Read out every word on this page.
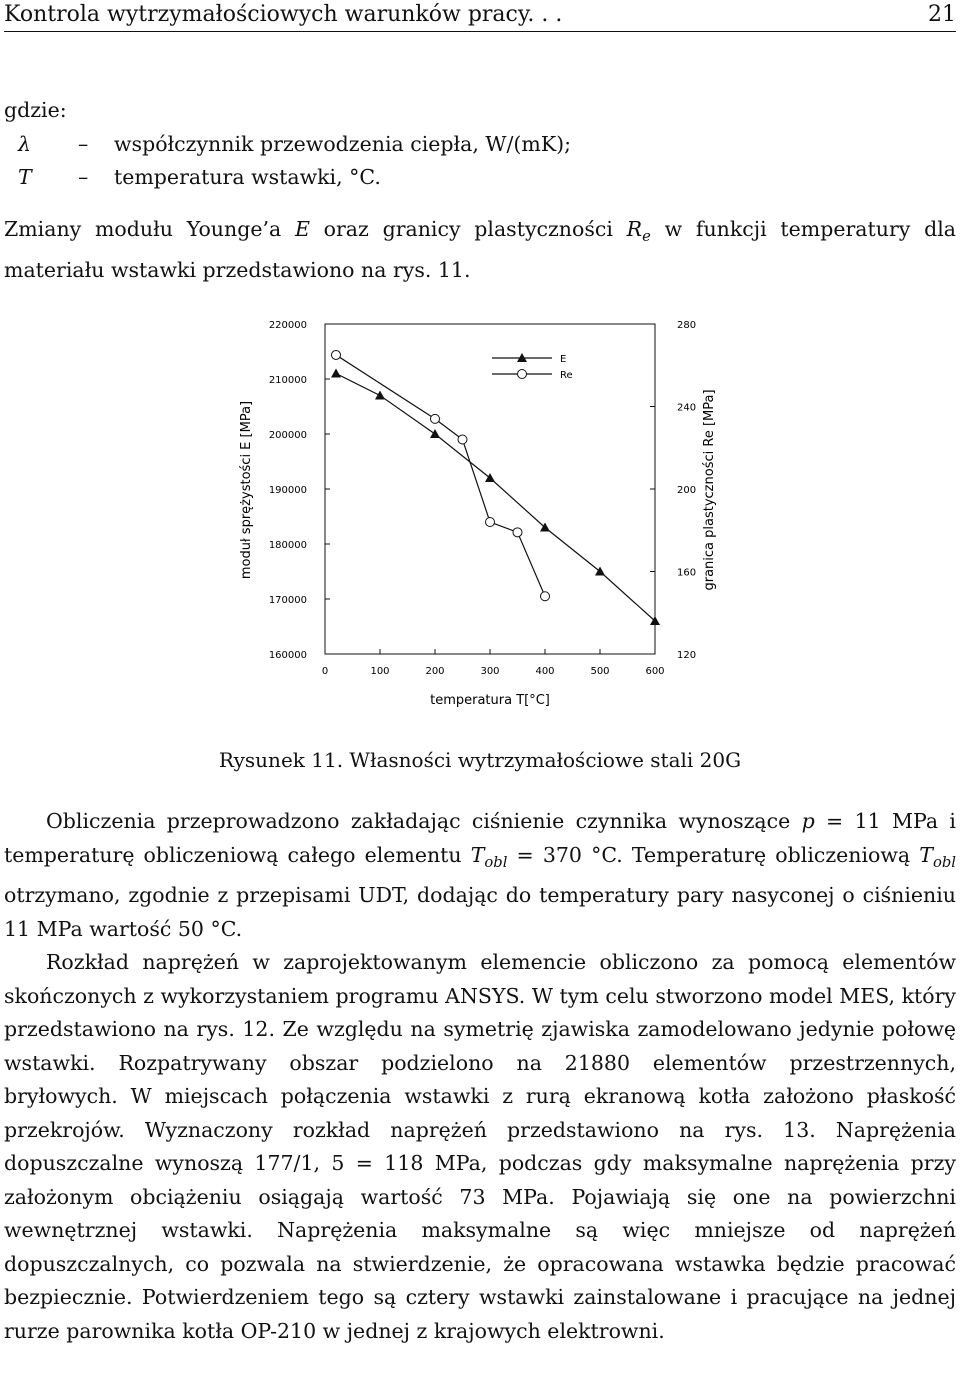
Kontrola wytrzymałościowych warunków pracy. . .	21
gdzie:
λ	–	współczynnik przewodzenia ciepła, W/(mK);
T	–	temperatura wstawki, °C.
Zmiany modułu Younge’a E oraz granicy plastyczności $R_e$ w funkcji temperatury dla materiału wstawki przedstawiono na rys. 11.
0	100	200	300	400	500	600
160000
170000
180000
190000
200000
210000
220000
120
160
200
240
280
E
Re
temperatura T[°C]
moduł sprężystości E [MPa]	granica plastyczności Re [MPa]
Rysunek 11. Własności wytrzymałościowe stali 20G

Obliczenia przeprowadzono zakładając ciśnienie czynnika wynoszące p = 11 MPa i temperaturę obliczeniową całego elementu $T_{obl} = 370$ °C. Temperaturę obliczeniową $T_{obl}$ otrzymano, zgodnie z przepisami UDT, dodając do temperatury pary nasyconej o ciśnieniu 11 MPa wartość 50 °C.

Rozkład naprężeń w zaprojektowanym elemencie obliczono za pomocą elementów skończonych z wykorzystaniem programu ANSYS. W tym celu stworzono model MES, który przedstawiono na rys. 12. Ze względu na symetrię zjawiska zamodelowano jedynie połowę wstawki. Rozpatrywany obszar podzielono na 21880 elementów przestrzennych, bryłowych. W miejscach połączenia wstawki z rurą ekranową kotła założono płaskość przekrojów. Wyznaczony rozkład naprężeń przedstawiono na rys. 13. Naprężenia dopuszczalne wynoszą 177/1, 5 = 118 MPa, podczas gdy maksymalne naprężenia przy założonym obciążeniu osiągają wartość 73 MPa. Pojawiają się one na powierzchni wewnętrznej wstawki. Naprężenia maksymalne są więc mniejsze od naprężeń dopuszczalnych, co pozwala na stwierdzenie, że opracowana wstawka będzie pracować bezpiecznie. Potwierdzeniem tego są cztery wstawki zainstalowane i pracujące na jednej rurze parownika kotła OP-210 w jednej z krajowych elektrowni.
